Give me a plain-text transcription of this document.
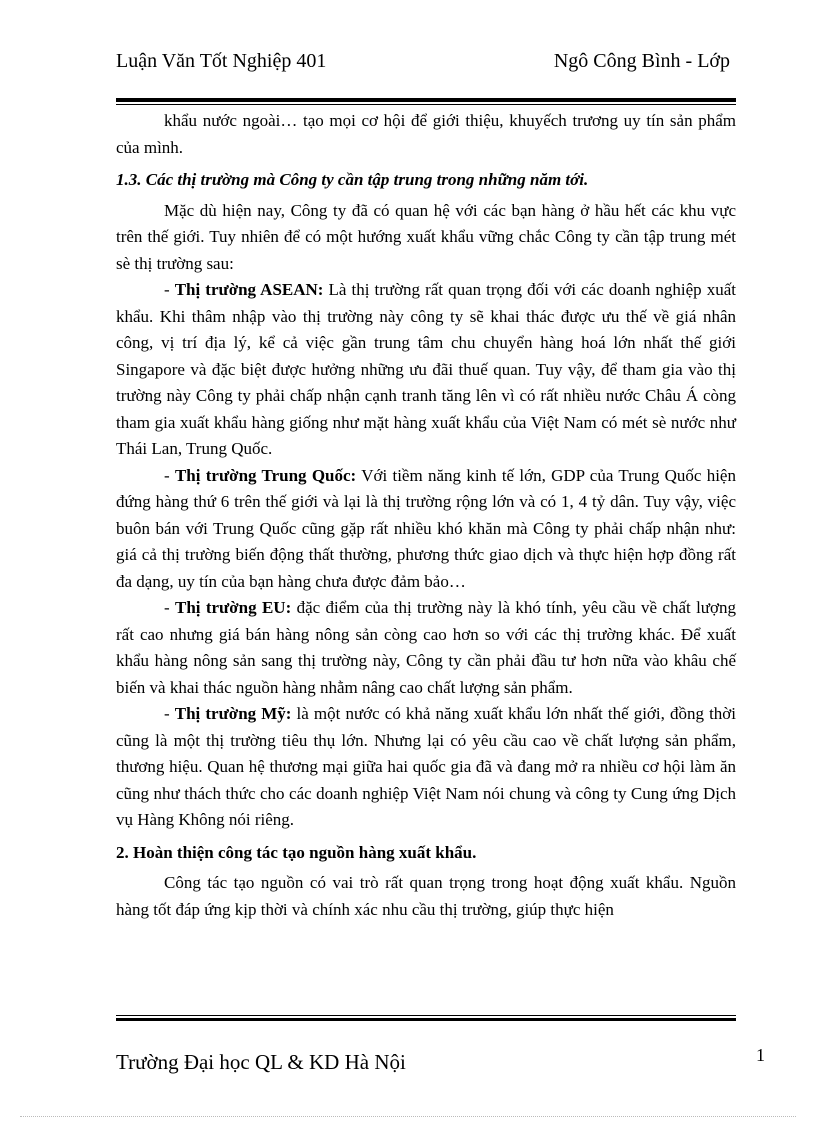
Luận Văn Tốt Nghiệp 401	Ngô Công Bình - Lớp

khẩu nước ngoài… tạo mọi cơ hội để giới thiệu, khuyếch trương uy tín sản phẩm của mình.

1.3. Các thị trường mà Công ty cần tập trung trong những năm tới.

Mặc dù hiện nay, Công ty đã có quan hệ với các bạn hàng ở hầu hết các khu vực trên thế giới. Tuy nhiên để có một hướng xuất khẩu vững chắc Công ty cần tập trung mét sè thị trường sau:

- Thị trường ASEAN: Là thị trường rất quan trọng đối với các doanh nghiệp xuất khẩu. Khi thâm nhập vào thị trường này công ty sẽ khai thác được ưu thế về giá nhân công, vị trí địa lý, kể cả việc gần trung tâm chu chuyển hàng hoá lớn nhất thế giới Singapore và đặc biệt được hưởng những ưu đãi thuế quan. Tuy vậy, để tham gia vào thị trường này Công ty phải chấp nhận cạnh tranh tăng lên vì có rất nhiều nước Châu Á còng tham gia xuất khẩu hàng giống như mặt hàng xuất khẩu của Việt Nam có mét sè nước như Thái Lan, Trung Quốc.

- Thị trường Trung Quốc: Với tiềm năng kinh tế lớn, GDP của Trung Quốc hiện đứng hàng thứ 6 trên thế giới và lại là thị trường rộng lớn và có 1, 4 tỷ dân. Tuy vậy, việc buôn bán với Trung Quốc cũng gặp rất nhiều khó khăn mà Công ty phải chấp nhận như: giá cả thị trường biến động thất thường, phương thức giao dịch và thực hiện hợp đồng rất đa dạng, uy tín của bạn hàng chưa được đảm bảo…

- Thị trường EU: đặc điểm của thị trường này là khó tính, yêu cầu về chất lượng rất cao nhưng giá bán hàng nông sản còng cao hơn so với các thị trường khác. Để xuất khẩu hàng nông sản sang thị trường này, Công ty cần phải đầu tư hơn nữa vào khâu chế biến và khai thác nguồn hàng nhằm nâng cao chất lượng sản phẩm.

- Thị trường Mỹ: là một nước có khả năng xuất khẩu lớn nhất thế giới, đồng thời cũng là một thị trường tiêu thụ lớn. Nhưng lại có yêu cầu cao về chất lượng sản phẩm, thương hiệu. Quan hệ thương mại giữa hai quốc gia đã và đang mở ra nhiều cơ hội làm ăn cũng như thách thức cho các doanh nghiệp Việt Nam nói chung và công ty Cung ứng Dịch vụ Hàng Không nói riêng.

2. Hoàn thiện công tác tạo nguồn hàng xuất khẩu.

Công tác tạo nguồn có vai trò rất quan trọng trong hoạt động xuất khẩu. Nguồn hàng tốt đáp ứng kịp thời và chính xác nhu cầu thị trường, giúp thực hiện

Trường Đại học QL & KD Hà Nội	1
